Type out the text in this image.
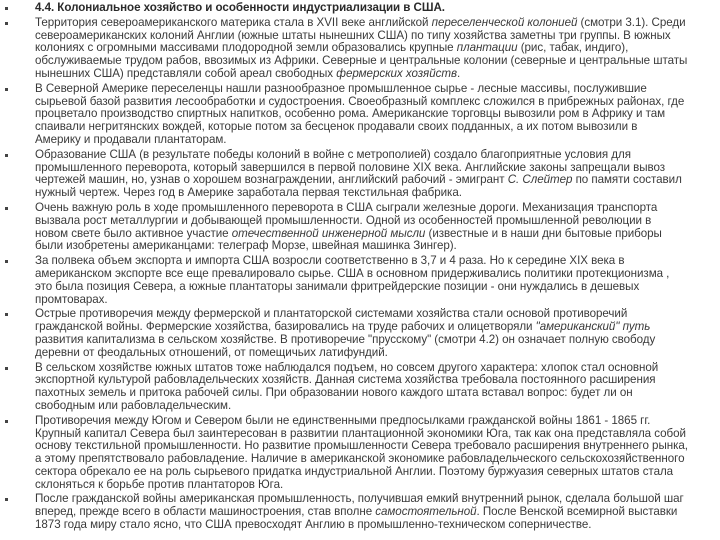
4.4. Колониальное хозяйство и особенности индустриализации в США.
Территория североамериканского материка стала в XVII веке английской переселенческой колонией (смотри 3.1). Среди
североамериканских колоний Англии (южные штаты нынешних США) по типу хозяйства заметны три группы. В южных
колониях с огромными массивами плодородной земли образовались крупные плантации (рис, табак, индиго),
обслуживаемые трудом рабов, ввозимых из Африки. Северные и центральные колонии (северные и центральные штаты
нынешних США) представляли собой ареал свободных фермерских хозяйств.
В Северной Америке переселенцы нашли разнообразное промышленное сырье - лесные массивы, послужившие
сырьевой базой развития лесообработки и судостроения. Своеобразный комплекс сложился в прибрежных районах, где
процветало производство спиртных напитков, особенно рома. Американские торговцы вывозили ром в Африку и там
спаивали негритянских вождей, которые потом за бесценок продавали своих подданных, а их потом вывозили в
Америку и продавали плантаторам.
Образование США (в результате победы колоний в войне с метрополией) создало благоприятные условия для
промышленного переворота, который завершился в первой половине XIX века. Английские законы запрещали вывоз
чертежей машин, но, узнав о хорошем вознаграждении, английский рабочий - эмигрант С. Слейтер по памяти составил
нужный чертеж. Через год в Америке заработала первая текстильная фабрика.
Очень важную роль в ходе промышленного переворота в США сыграли железные дороги. Механизация транспорта
вызвала рост металлургии и добывающей промышленности. Одной из особенностей промышленной революции в
новом свете было активное участие отечественной инженерной мысли (известные и в наши дни бытовые приборы
были изобретены американцами: телеграф Морзе, швейная машинка Зингер).
За полвека объем экспорта и импорта США возросли соответственно в 3,7 и 4 раза. Но к середине XIX века в
американском экспорте все еще превалировало сырье. США в основном придерживались политики протекционизма ,
это была позиция Севера, а южные плантаторы занимали фритрейдерские позиции - они нуждались в дешевых
промтоварах.
Острые противоречия между фермерской и плантаторской системами хозяйства стали основой противоречий
гражданской войны. Фермерские хозяйства, базировались на труде рабочих и олицетворяли "американский" путь
развития капитализма в сельском хозяйстве. В противоречие "прусскому" (смотри 4.2) он означает полную свободу
деревни от феодальных отношений, от помещичьих латифундий.
В сельском хозяйстве южных штатов тоже наблюдался подъем, но совсем другого характера: хлопок стал основной
экспортной культурой рабовладельческих хозяйств. Данная система хозяйства требовала постоянного расширения
пахотных земель и притока рабочей силы. При образовании нового каждого штата вставал вопрос: будет ли он
свободным или рабовладельческим.
Противоречия между Югом и Севером были не единственными предпосылками гражданской войны 1861 - 1865 гг.
Крупный капитал Севера был заинтересован в развитии плантационной экономики Юга, так как она представляла собой
основу текстильной промышленности. Но развитие промышленности Севера требовало расширения внутреннего рынка,
а этому препятствовало рабовладение. Наличие в американской экономике рабовладельческого сельскохозяйственного
сектора обрекало ее на роль сырьевого придатка индустриальной Англии. Поэтому буржуазия северных штатов стала
склоняться к борьбе против плантаторов Юга.
После гражданской войны американская промышленность, получившая емкий внутренний рынок, сделала большой шаг
вперед, прежде всего в области машиностроения, став вполне самостоятельной. После Венской всемирной выставки
1873 года миру стало ясно, что США превосходят Англию в промышленно-техническом соперничестве.
